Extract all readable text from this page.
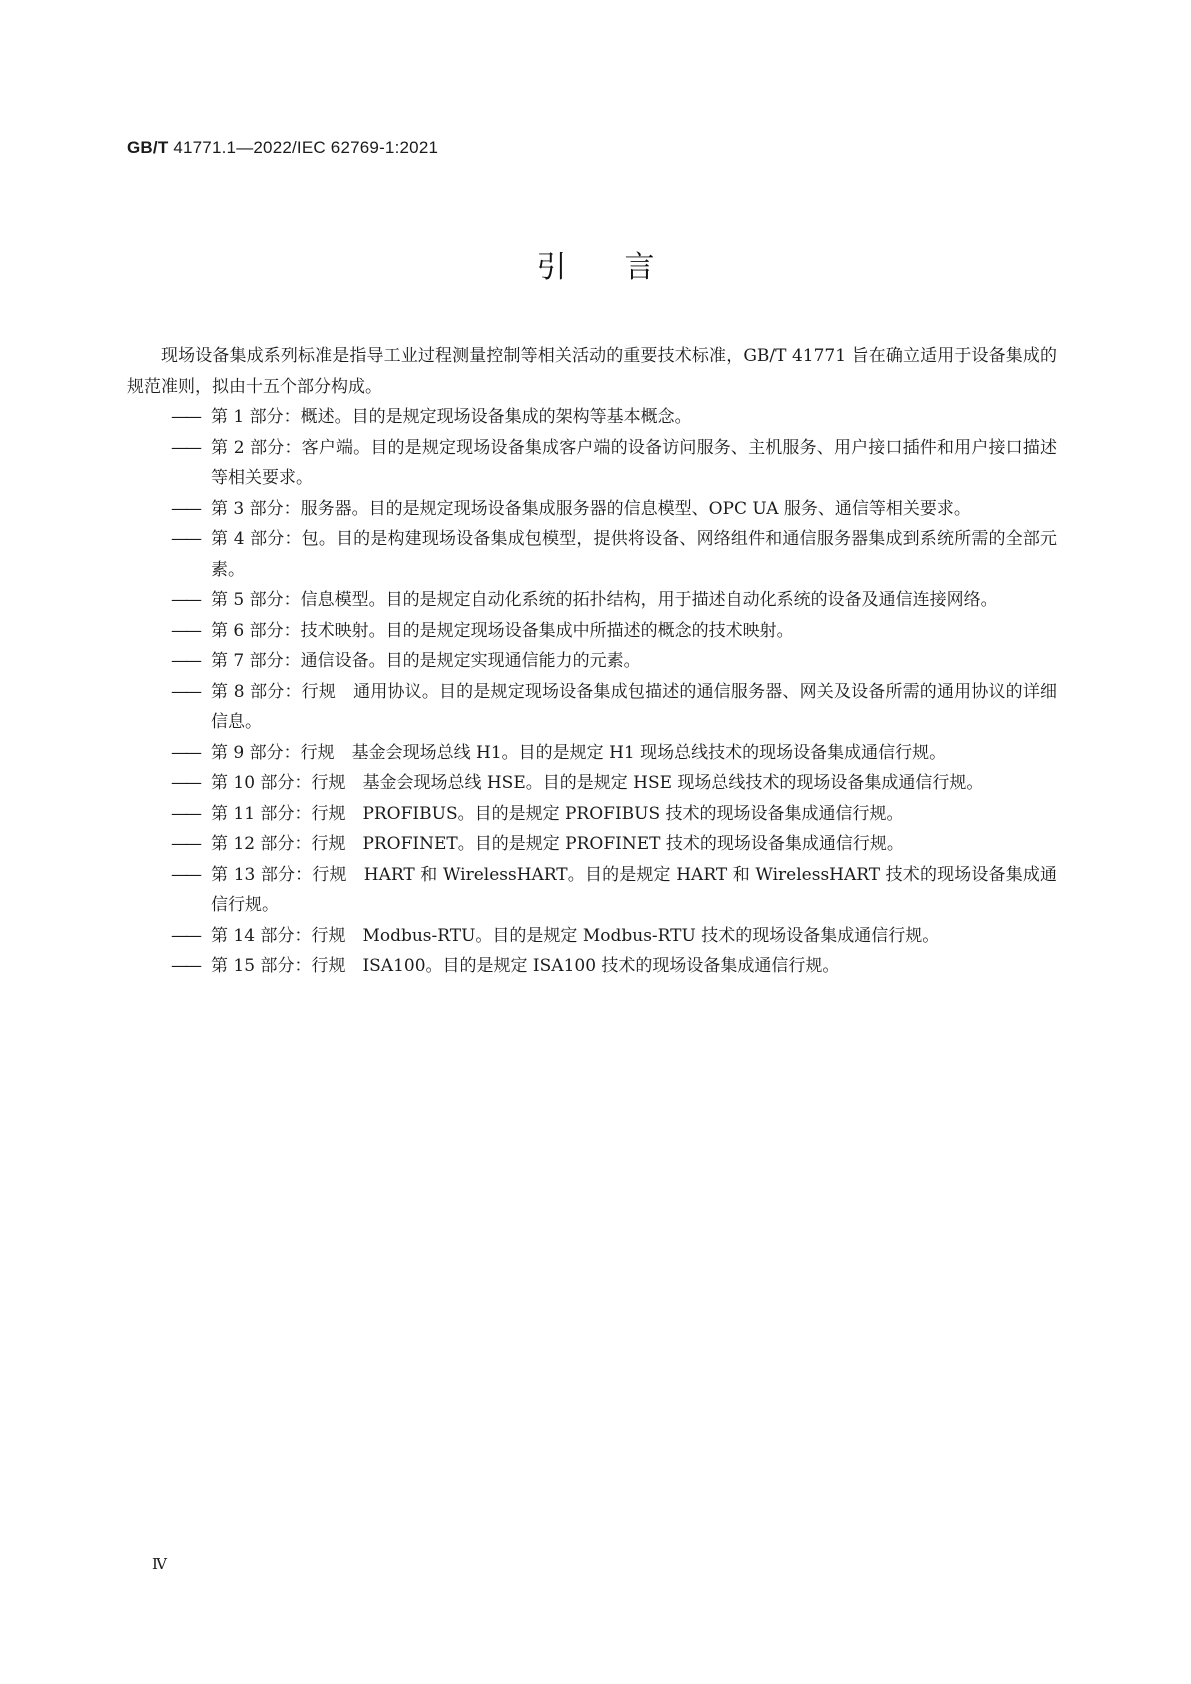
GB/T 41771.1—2022/IEC 62769-1:2021
引言

现场设备集成系列标准是指导工业过程测量控制等相关活动的重要技术标准，GB/T 41771 旨在确立适用于设备集成的规范准则，拟由十五个部分构成。

—— 第 1 部分：概述。目的是规定现场设备集成的架构等基本概念。
—— 第 2 部分：客户端。目的是规定现场设备集成客户端的设备访问服务、主机服务、用户接口插件和用户接口描述等相关要求。
—— 第 3 部分：服务器。目的是规定现场设备集成服务器的信息模型、OPC UA 服务、通信等相关要求。
—— 第 4 部分：包。目的是构建现场设备集成包模型，提供将设备、网络组件和通信服务器集成到系统所需的全部元素。
—— 第 5 部分：信息模型。目的是规定自动化系统的拓扑结构，用于描述自动化系统的设备及通信连接网络。
—— 第 6 部分：技术映射。目的是规定现场设备集成中所描述的概念的技术映射。
—— 第 7 部分：通信设备。目的是规定实现通信能力的元素。
—— 第 8 部分：行规　通用协议。目的是规定现场设备集成包描述的通信服务器、网关及设备所需的通用协议的详细信息。
—— 第 9 部分：行规　基金会现场总线 H1。目的是规定 H1 现场总线技术的现场设备集成通信行规。
—— 第 10 部分：行规　基金会现场总线 HSE。目的是规定 HSE 现场总线技术的现场设备集成通信行规。
—— 第 11 部分：行规　PROFIBUS。目的是规定 PROFIBUS 技术的现场设备集成通信行规。
—— 第 12 部分：行规　PROFINET。目的是规定 PROFINET 技术的现场设备集成通信行规。
—— 第 13 部分：行规　HART 和 WirelessHART。目的是规定 HART 和 WirelessHART 技术的现场设备集成通信行规。
—— 第 14 部分：行规　Modbus-RTU。目的是规定 Modbus-RTU 技术的现场设备集成通信行规。
—— 第 15 部分：行规　ISA100。目的是规定 ISA100 技术的现场设备集成通信行规。
Ⅳ
